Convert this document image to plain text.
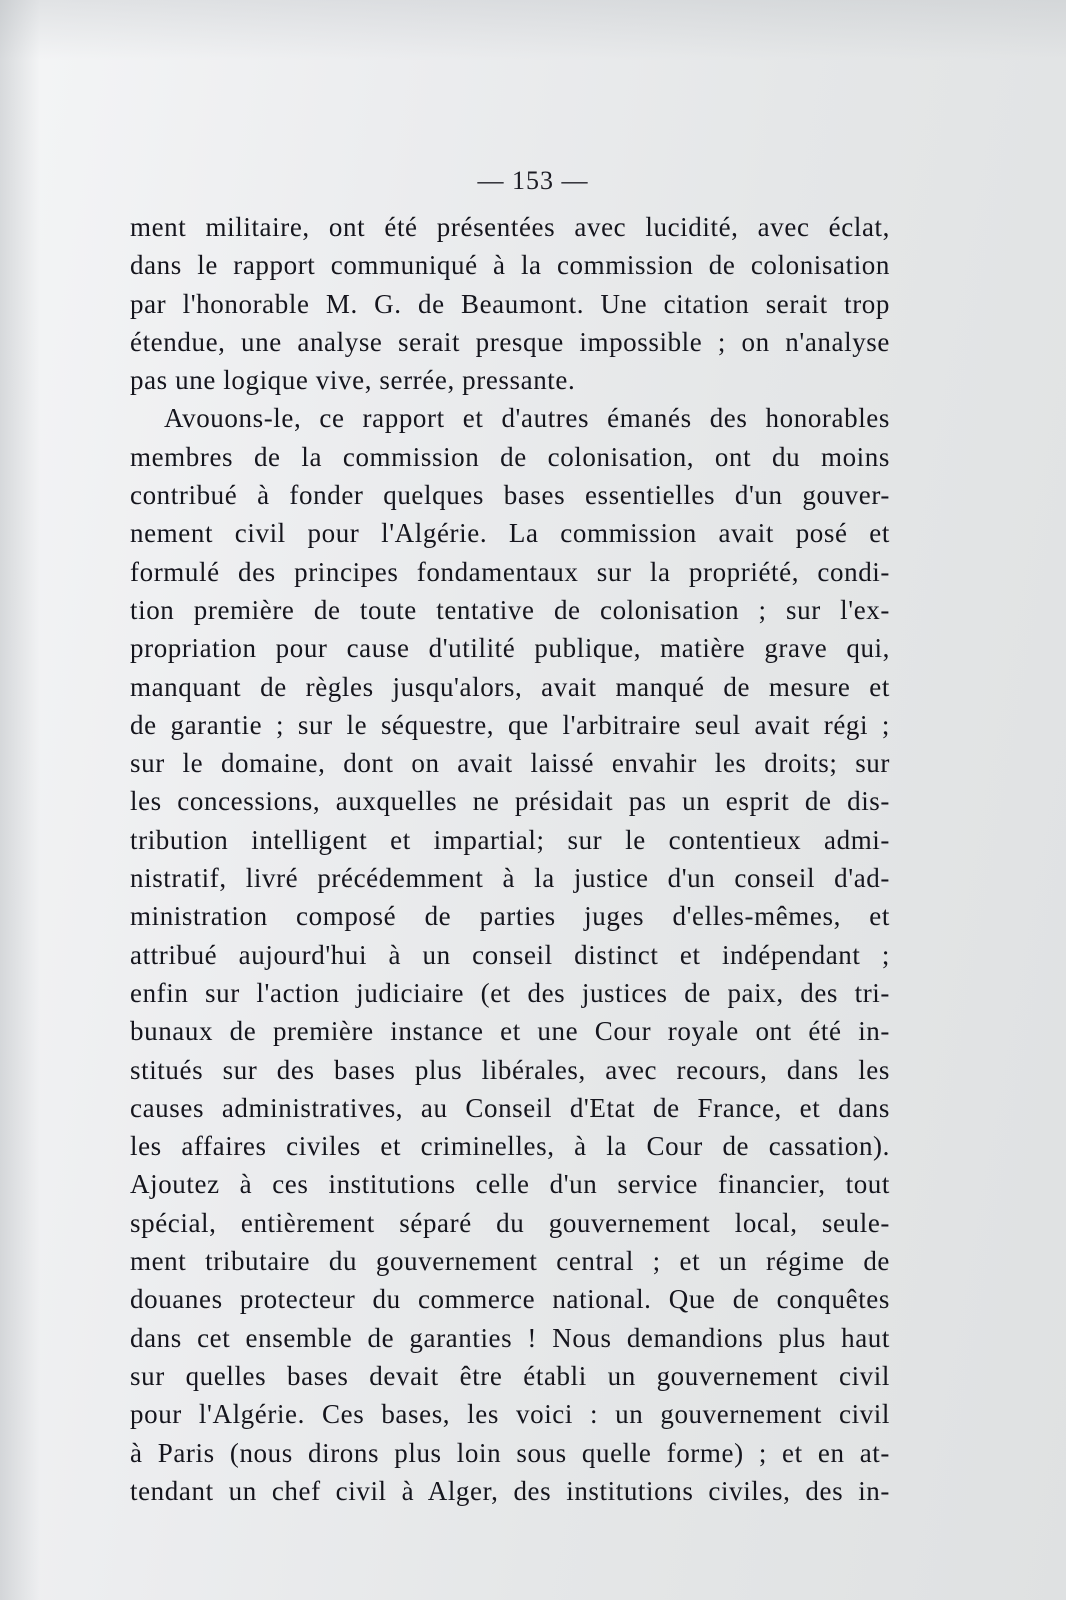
— 153 —
ment militaire, ont été présentées avec lucidité, avec éclat,
dans le rapport communiqué à la commission de colonisation
par l'honorable M. G. de Beaumont. Une citation serait trop
étendue, une analyse serait presque impossible ; on n'analyse
pas une logique vive, serrée, pressante.
Avouons-le, ce rapport et d'autres émanés des honorables
membres de la commission de colonisation, ont du moins
contribué à fonder quelques bases essentielles d'un gouver-
nement civil pour l'Algérie. La commission avait posé et
formulé des principes fondamentaux sur la propriété, condi-
tion première de toute tentative de colonisation ; sur l'ex-
propriation pour cause d'utilité publique, matière grave qui,
manquant de règles jusqu'alors, avait manqué de mesure et
de garantie ; sur le séquestre, que l'arbitraire seul avait régi ;
sur le domaine, dont on avait laissé envahir les droits; sur
les concessions, auxquelles ne présidait pas un esprit de dis-
tribution intelligent et impartial; sur le contentieux admi-
nistratif, livré précédemment à la justice d'un conseil d'ad-
ministration composé de parties juges d'elles-mêmes, et
attribué aujourd'hui à un conseil distinct et indépendant ;
enfin sur l'action judiciaire (et des justices de paix, des tri-
bunaux de première instance et une Cour royale ont été in-
stitués sur des bases plus libérales, avec recours, dans les
causes administratives, au Conseil d'Etat de France, et dans
les affaires civiles et criminelles, à la Cour de cassation).
Ajoutez à ces institutions celle d'un service financier, tout
spécial, entièrement séparé du gouvernement local, seule-
ment tributaire du gouvernement central ; et un régime de
douanes protecteur du commerce national. Que de conquêtes
dans cet ensemble de garanties ! Nous demandions plus haut
sur quelles bases devait être établi un gouvernement civil
pour l'Algérie. Ces bases, les voici : un gouvernement civil
à Paris (nous dirons plus loin sous quelle forme) ; et en at-
tendant un chef civil à Alger, des institutions civiles, des in-
